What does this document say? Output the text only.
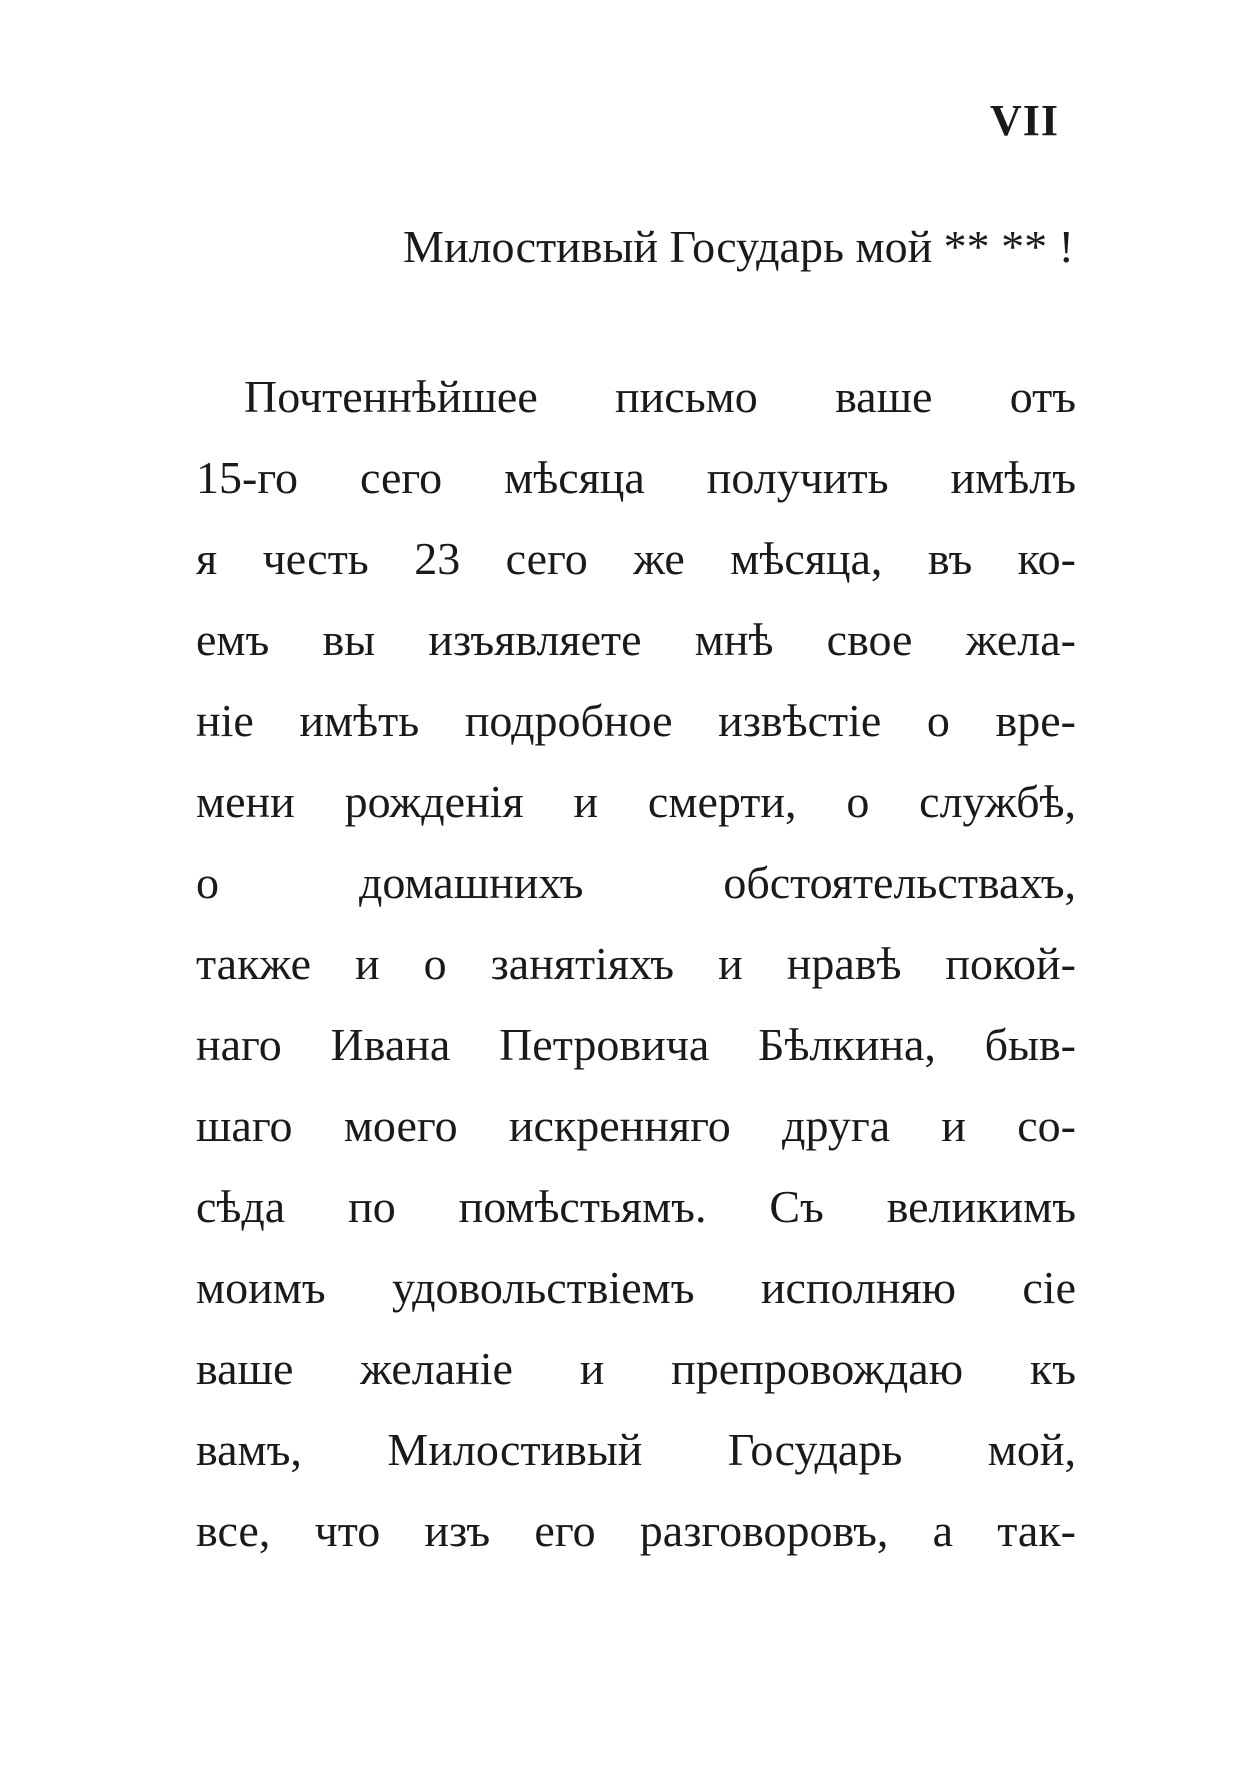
VII
Милостивый Государь мой ** ** !
Почтеннѣйшее письмо ваше отъ
15-го сего мѣсяца получить имѣлъ
я честь 23 сего же мѣсяца, въ ко-
емъ вы изъявляете мнѣ свое жела-
ніе имѣть подробное извѣстіе о вре-
мени рожденія и смерти, о службѣ,
о домашнихъ обстоятельствахъ,
также и о занятіяхъ и нравѣ покой-
наго Ивана Петровича Бѣлкина, быв-
шаго моего искренняго друга и со-
сѣда по помѣстьямъ. Съ великимъ
моимъ удовольствіемъ исполняю сіе
ваше желаніе и препровождаю къ
вамъ, Милостивый Государь мой,
все, что изъ его разговоровъ, а так-
